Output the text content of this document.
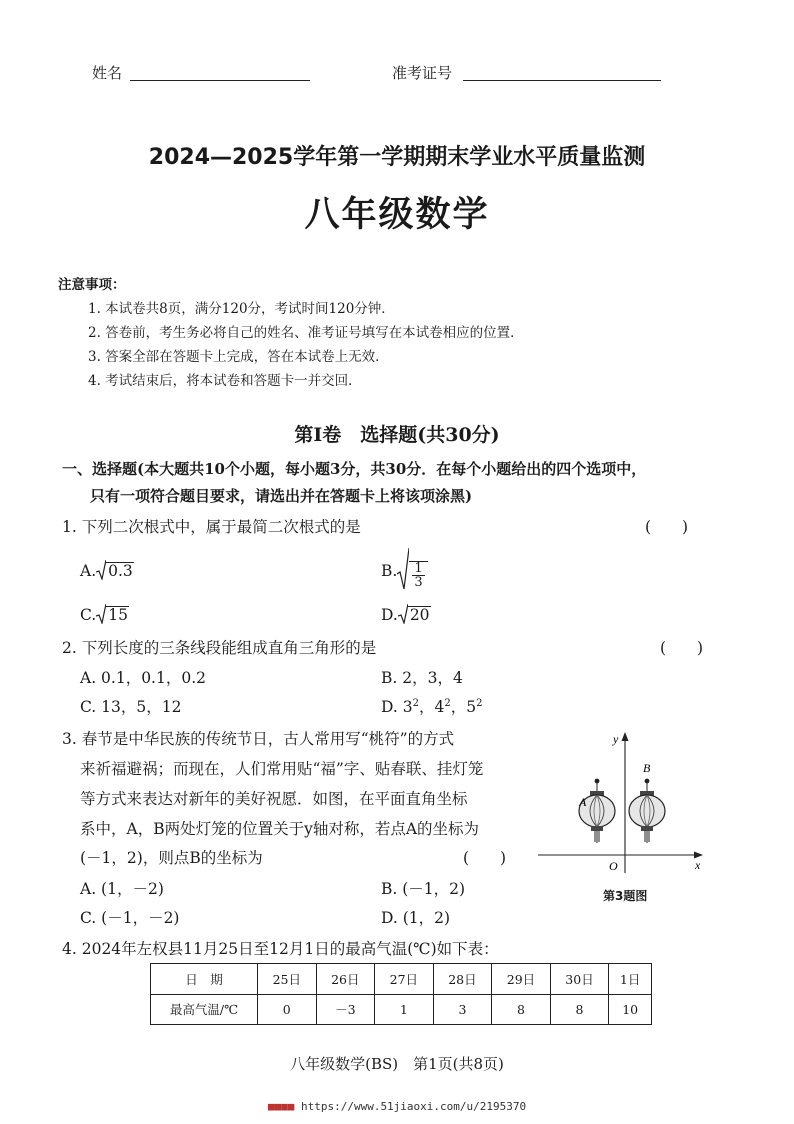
姓名	准考证号
2024—2025学年第一学期期末学业水平质量监测
八年级数学
注意事项：
1. 本试卷共8页，满分120分，考试时间120分钟．
2. 答卷前，考生务必将自己的姓名、准考证号填写在本试卷相应的位置．
3. 答案全部在答题卡上完成，答在本试卷上无效．
4. 考试结束后，将本试卷和答题卡一并交回．
第Ⅰ卷　选择题(共30分)
一、选择题(本大题共10个小题，每小题3分，共30分．在每个小题给出的四个选项中，
只有一项符合题目要求，请选出并在答题卡上将该项涂黑)
1. 下列二次根式中，属于最简二次根式的是	(　　)
A. 0.3	B. $\frac{1}{3}$
C. 15	D. 20
2. 下列长度的三条线段能组成直角三角形的是	(　　)
A. 0.1，0.1，0.2	B. 2，3，4
C. 13，5，12	D. $3^2$，$4^2$，$5^2$
3. 春节是中华民族的传统节日，古人常用写“桃符”的方式
来祈福避祸；而现在，人们常用贴“福”字、贴春联、挂灯笼
等方式来表达对新年的美好祝愿．如图，在平面直角坐标
系中，A，B两处灯笼的位置关于y轴对称，若点A的坐标为
(－1，2)，则点B的坐标为	(　　)
A. (1，－2)	B. (－1，2)
C. (－1，－2)	D. (1，2)
y
x
O
A
B
第3题图
4. 2024年左权县11月25日至12月1日的最高气温(℃)如下表：
日　期	25日	26日	27日	28日	29日	30日	1日
最高气温/℃	0	－3	1	3	8	8	10
八年级数学(BS)　第1页(共8页)
■■■■ https://www.51jiaoxi.com/u/2195370
